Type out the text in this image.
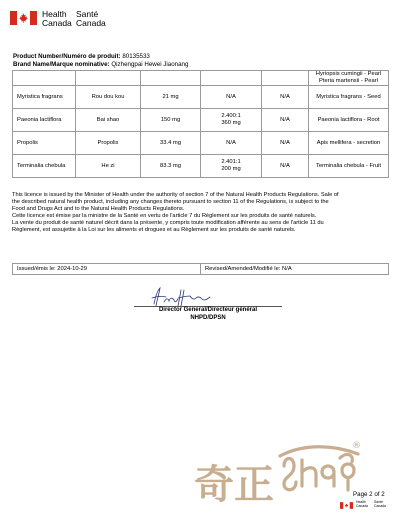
Health
Canada
Santé
Canada
Product Number/Numéro de produit: 80135533
Brand Name/Marque nominative: Qizhengpai Hewei Jiaonang
					Hyriopsis cumingii - Pearl
Pteria martensii - Pearl
Myristica fragrans	Rou dou kou	21 mg	N/A	N/A	Myristica fragrans - Seed
Paeonia lactiflora	Bai shao	150 mg	2.400:1
360 mg	N/A	Paeonia lactiflora - Root
Propolis	Propolis	33.4 mg	N/A	N/A	Apis mellifera - secretion
Terminalia chebula	He zi	83.3 mg	2.401:1
200 mg	N/A	Terminalia chebula - Fruit
This licence is issued by the Minister of Health under the authority of section 7 of the Natural Health Products Regulations. Sale of
the described natural health product, including any changes thereto pursuant to section 11 of the Regulations, is subject to the
Food and Drugs Act and to the Natural Health Products Regulations.
Cette licence est émise par la ministre de la Santé en vertu de l'article 7 du Règlement sur les produits de santé naturels.
La vente du produit de santé naturel décrit dans la présente, y compris toute modification afférente au sens de l'article 11 du
Règlement, est assujettie à la Loi sur les aliments et drogues et au Règlement sur les produits de santé naturels.
Issued/émis le: 2024-10-29	Revised/Amended/Modifié le: N/A
Director General/Directeur général
NHPD/DPSN
奇正
®
Page 2 of 2
Health
Canada
Santé
Canada
